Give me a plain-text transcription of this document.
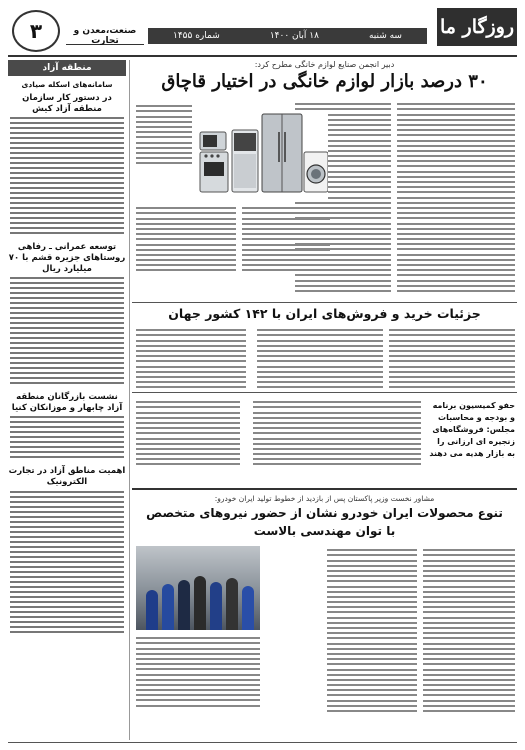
روزگار ما
سه شنبه
۱۸ آبان ۱۴۰۰
شماره ۱۴۵۵
صنعت،معدن و تجارت
۳
منطقه آزاد
سامانه‌های اسکله صیادی
در دستور کار سازمان منطقه آزاد کیش
توسعه عمرانی ـ رفاهی روستاهای جزیره قشم با ۷۰ میلیارد ریال
نشست بازرگانان منطقه آزاد چابهار و موزانکان کنیا
اهمیت مناطق آزاد در تجارت الکترونیک
دبیر انجمن صنایع لوازم خانگی مطرح کرد:
۳۰ درصد بازار لوازم خانگی در اختیار قاچاق
جزئیات خرید و فروش‌های ایران با ۱۴۲ کشور جهان
حفو کمیسیون برنامه و بودجه و محاسبات مجلس: فروشگاه‌های زنجیره ای ارزانی را به بازار هدیه می دهند
مشاور نخست وزیر پاکستان پس از بازدید از خطوط تولید ایران خودرو:
تنوع محصولات ایران خودرو نشان از حضور نیروهای متخصص
با توان مهندسی بالاست
